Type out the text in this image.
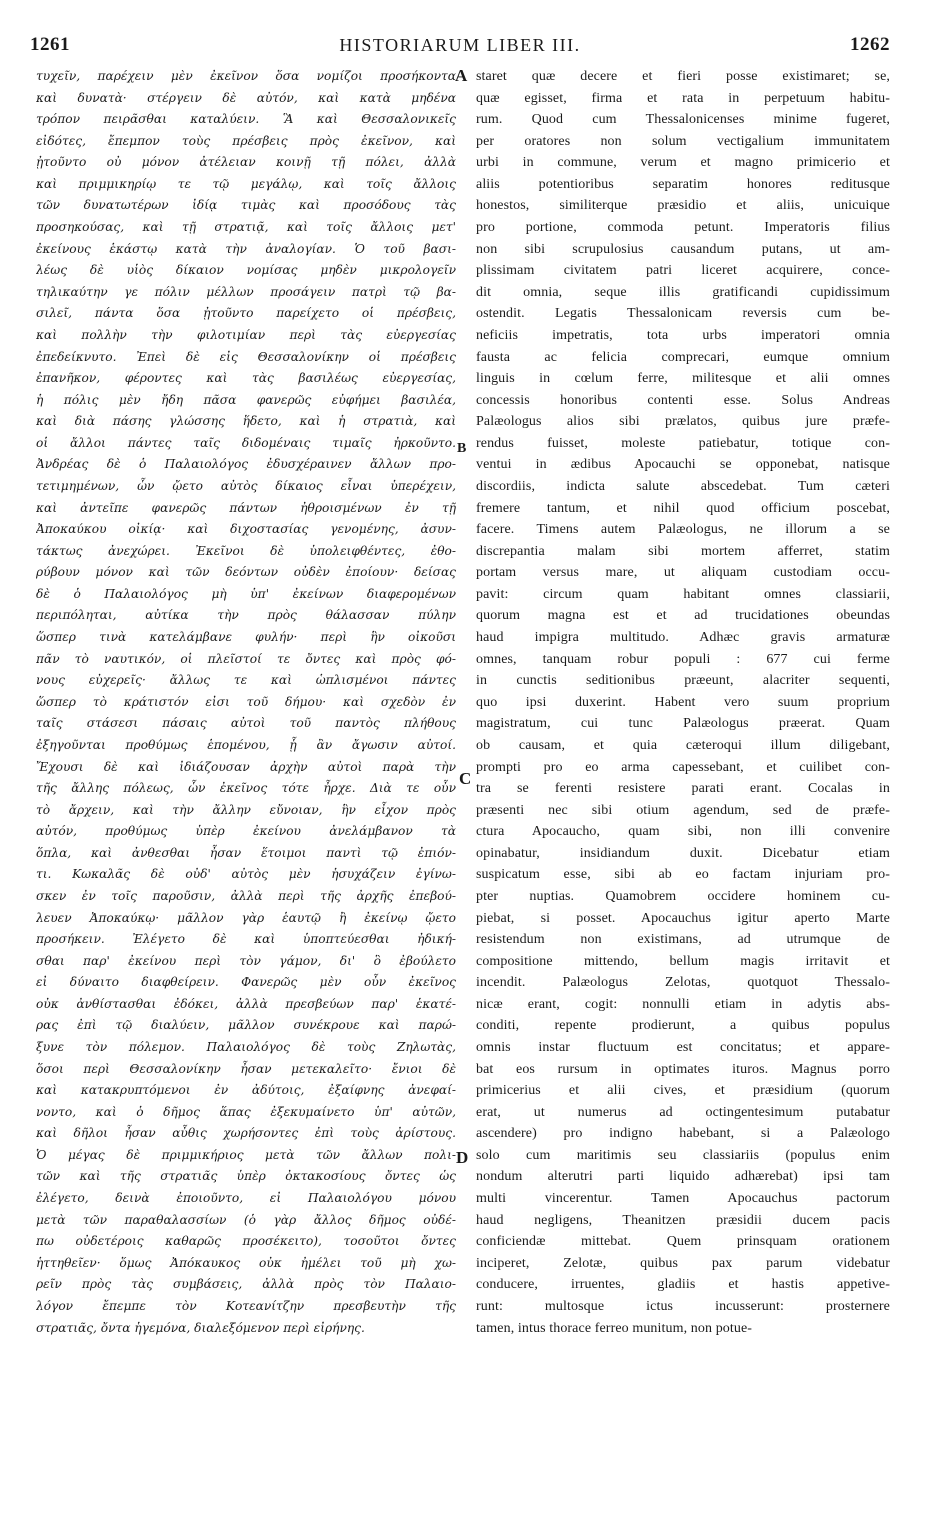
1261	HISTORIARUM LIBER III.	1262
τυχεῖν, παρέχειν μὲν ἐκεῖνον ὅσα νομίζοι προσήκοντα
καὶ δυνατὰ· στέργειν δὲ αὐτόν, καὶ κατὰ μηδένα
τρόπον πειρᾶσθαι καταλύειν. Ἃ καὶ Θεσσαλονικεῖς
εἰδότες, ἔπεμπον τοὺς πρέσβεις πρὸς ἐκεῖνον, καὶ
ᾐτοῦντο οὐ μόνον ἀτέλειαν κοινῇ τῇ πόλει, ἀλλὰ
καὶ πριμμικηρίῳ τε τῷ μεγάλῳ, καὶ τοῖς ἄλλοις
τῶν δυνατωτέρων ἰδίᾳ τιμὰς καὶ προσόδους τὰς
προσηκούσας, καὶ τῇ στρατιᾷ, καὶ τοῖς ἄλλοις μετ'
ἐκείνους ἑκάστῳ κατὰ τὴν ἀναλογίαν. Ὁ τοῦ βασι-
λέως δὲ υἱὸς δίκαιον νομίσας μηδὲν μικρολογεῖν
τηλικαύτην γε πόλιν μέλλων προσάγειν πατρὶ τῷ βα-
σιλεῖ, πάντα ὅσα ᾐτοῦντο παρείχετο οἱ πρέσβεις,
καὶ πολλὴν τὴν φιλοτιμίαν περὶ τὰς εὐεργεσίας
ἐπεδείκνυτο. Ἐπεὶ δὲ εἰς Θεσσαλονίκην οἱ πρέσβεις
ἐπανῆκον, φέροντες καὶ τὰς βασιλέως εὐεργεσίας,
ἡ πόλις μὲν ἤδη πᾶσα φανερῶς εὐφήμει βασιλέα,
καὶ διὰ πάσης γλώσσης ἥδετο, καὶ ἡ στρατιὰ, καὶ
οἱ ἄλλοι πάντες ταῖς διδομέναις τιμαῖς ἠρκοῦντο.
Ἀνδρέας δὲ ὁ Παλαιολόγος ἐδυσχέραινεν ἄλλων προ-
τετιμημένων, ὧν ᾤετο αὐτὸς δίκαιος εἶναι ὑπερέχειν,
καὶ ἀντεῖπε φανερῶς πάντων ἠθροισμένων ἐν τῇ
Ἀποκαύκου οἰκίᾳ· καὶ διχοστασίας γενομένης, ἀσυν-
τάκτως ἀνεχώρει. Ἐκεῖνοι δὲ ὑπολειφθέντες, ἐθο-
ρύβουν μόνον καὶ τῶν δεόντων οὐδὲν ἐποίουν· δείσας
δὲ ὁ Παλαιολόγος μὴ ὑπ' ἐκείνων διαφερομένων
περιπόληται, αὐτίκα τὴν πρὸς θάλασσαν πύλην
ὥσπερ τινὰ κατελάμβανε φυλήν· περὶ ἣν οἰκοῦσι
πᾶν τὸ ναυτικόν, οἱ πλεῖστοί τε ὄντες καὶ πρὸς φό-
νους εὐχερεῖς· ἄλλως τε καὶ ὡπλισμένοι πάντες
ὥσπερ τὸ κράτιστόν εἰσι τοῦ δήμου· καὶ σχεδὸν ἐν
ταῖς στάσεσι πάσαις αὐτοὶ τοῦ παντὸς πλήθους
ἐξηγοῦνται προθύμως ἑπομένου, ᾗ ἂν ἄγωσιν αὐτοί.
Ἔχουσι δὲ καὶ ἰδιάζουσαν ἀρχὴν αὐτοὶ παρὰ τὴν
τῆς ἄλλης πόλεως, ὧν ἐκεῖνος τότε ἦρχε. Διὰ τε οὖν
τὸ ἄρχειν, καὶ τὴν ἄλλην εὔνοιαν, ἣν εἶχον πρὸς
αὐτόν, προθύμως ὑπὲρ ἐκείνου ἀνελάμβανον τὰ
ὅπλα, καὶ ἀνθεσθαι ἦσαν ἕτοιμοι παντὶ τῷ ἐπιόν-
τι. Κωκαλᾶς δὲ οὐδ' αὐτὸς μὲν ἡσυχάζειν ἐγίνω-
σκεν ἐν τοῖς παροῦσιν, ἀλλὰ περὶ τῆς ἀρχῆς ἐπεβού-
λευεν Ἀποκαύκῳ· μᾶλλον γὰρ ἑαυτῷ ἢ ἐκείνῳ ᾤετο
προσήκειν. Ἐλέγετο δὲ καὶ ὑποπτεύεσθαι ἠδική-
σθαι παρ' ἐκείνου περὶ τὸν γάμον, δι' ὃ ἐβούλετο
εἰ δύναιτο διαφθείρειν. Φανερῶς μὲν οὖν ἐκεῖνος
οὐκ ἀνθίστασθαι ἐδόκει, ἀλλὰ πρεσβεύων παρ' ἑκατέ-
ρας ἐπὶ τῷ διαλύειν, μᾶλλον συνέκρουε καὶ παρώ-
ξυνε τὸν πόλεμον. Παλαιολόγος δὲ τοὺς Ζηλωτὰς,
ὅσοι περὶ Θεσσαλονίκην ἦσαν μετεκαλεῖτο· ἔνιοι δὲ
καὶ κατακρυπτόμενοι ἐν ἀδύτοις, ἐξαίφνης ἀνεφαί-
νοντο, καὶ ὁ δῆμος ἅπας ἐξεκυμαίνετο ὑπ' αὐτῶν,
καὶ δῆλοι ἦσαν αὖθις χωρήσοντες ἐπὶ τοὺς ἀρίστους.
Ὁ μέγας δὲ πριμμικήριος μετὰ τῶν ἄλλων πολι-
τῶν καὶ τῆς στρατιᾶς ὑπὲρ ὀκτακοσίους ὄντες ὡς
ἐλέγετο, δεινὰ ἐποιοῦντο, εἰ Παλαιολόγου μόνου
μετὰ τῶν παραθαλασσίων (ὁ γὰρ ἄλλος δῆμος οὐδέ-
πω οὐδετέροις καθαρῶς προσέκειτο), τοσοῦτοι ὄντες
ἡττηθεῖεν· ὅμως Ἀπόκαυκος οὐκ ἠμέλει τοῦ μὴ χω-
ρεῖν πρὸς τὰς συμβάσεις, ἀλλὰ πρὸς τὸν Παλαιο-
λόγον ἔπεμπε τὸν Κοτεανίτζην πρεσβευτὴν τῆς
στρατιᾶς, ὄντα ἡγεμόνα, διαλεξόμενον περὶ εἰρήνης.
A
B
C
D
staret quæ decere et fieri posse existimaret; se,
quæ egisset, firma et rata in perpetuum habitu-
rum. Quod cum Thessalonicenses minime fugeret,
per oratores non solum vectigalium immunitatem
urbi in commune, verum et magno primicerio et
aliis potentioribus separatim honores reditusque
honestos, similiterque præsidio et aliis, unicuique
pro portione, commoda petunt. Imperatoris filius
non sibi scrupulosius causandum putans, ut am-
plissimam civitatem patri liceret acquirere, conce-
dit omnia, seque illis gratificandi cupidissimum
ostendit. Legatis Thessalonicam reversis cum be-
neficiis impetratis, tota urbs imperatori omnia
fausta ac felicia comprecari, eumque omnium
linguis in cœlum ferre, militesque et alii omnes
concessis honoribus contenti esse. Solus Andreas
Palæologus alios sibi prælatos, quibus jure præfe-
rendus fuisset, moleste patiebatur, totique con-
ventui in ædibus Apocauchi se opponebat, natisque
discordiis, indicta salute abscedebat. Tum cæteri
fremere tantum, et nihil quod officium poscebat,
facere. Timens autem Palæologus, ne illorum a se
discrepantia malam sibi mortem afferret, statim
portam versus mare, ut aliquam custodiam occu-
pavit: circum quam habitant omnes classiarii,
quorum magna est et ad trucidationes obeundas
haud impigra multitudo. Adhæc gravis armaturæ
omnes, tanquam robur populi : 677 cui ferme
in cunctis seditionibus præeunt, alacriter sequenti,
quo ipsi duxerint. Habent vero suum proprium
magistratum, cui tunc Palæologus præerat. Quam
ob causam, et quia cæteroqui illum diligebant,
prompti pro eo arma capessebant, et cuilibet con-
tra se ferenti resistere parati erant. Cocalas in
præsenti nec sibi otium agendum, sed de præfe-
ctura Apocaucho, quam sibi, non illi convenire
opinabatur, insidiandum duxit. Dicebatur etiam
suspicatum esse, sibi ab eo factam injuriam pro-
pter nuptias. Quamobrem occidere hominem cu-
piebat, si posset. Apocauchus igitur aperto Marte
resistendum non existimans, ad utrumque de
compositione mittendo, bellum magis irritavit et
incendit. Palæologus Zelotas, quotquot Thessalo-
nicæ erant, cogit: nonnulli etiam in adytis abs-
conditi, repente prodierunt, a quibus populus
omnis instar fluctuum est concitatus; et appare-
bat eos rursum in optimates ituros. Magnus porro
primicerius et alii cives, et præsidium (quorum
erat, ut numerus ad octingentesimum putabatur
ascendere) pro indigno habebant, si a Palæologo
solo cum maritimis seu classiariis (populus enim
nondum alterutri parti liquido adhærebat) ipsi tam
multi vincerentur. Tamen Apocauchus pactorum
haud negligens, Theanitzen præsidii ducem pacis
conficiendæ mittebat. Quem prinsquam orationem
inciperet, Zelotæ, quibus pax parum videbatur
conducere, irruentes, gladiis et hastis appetive-
runt: multosque ictus incusserunt: prosternere
tamen, intus thorace ferreo munitum, non potue-
